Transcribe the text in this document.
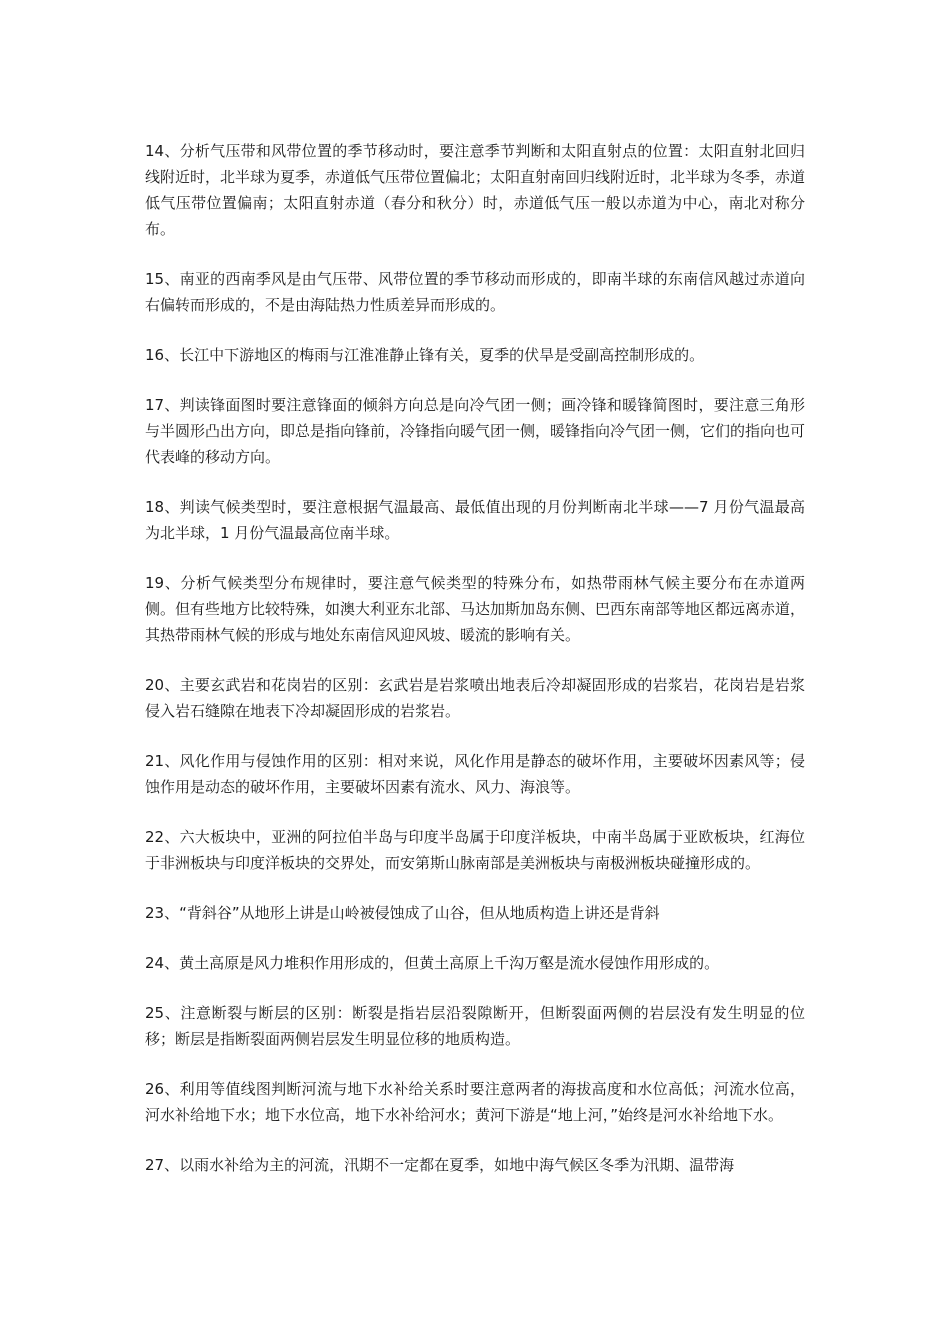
14、分析气压带和风带位置的季节移动时，要注意季节判断和太阳直射点的位置：太阳直射北回归线附近时，北半球为夏季，赤道低气压带位置偏北；太阳直射南回归线附近时，北半球为冬季，赤道低气压带位置偏南；太阳直射赤道（春分和秋分）时，赤道低气压一般以赤道为中心，南北对称分布。

15、南亚的西南季风是由气压带、风带位置的季节移动而形成的，即南半球的东南信风越过赤道向右偏转而形成的，不是由海陆热力性质差异而形成的。

16、长江中下游地区的梅雨与江淮准静止锋有关，夏季的伏旱是受副高控制形成的。

17、判读锋面图时要注意锋面的倾斜方向总是向冷气团一侧；画冷锋和暖锋简图时，要注意三角形与半圆形凸出方向，即总是指向锋前，冷锋指向暖气团一侧，暖锋指向冷气团一侧，它们的指向也可代表峰的移动方向。

18、判读气候类型时，要注意根据气温最高、最低值出现的月份判断南北半球——7 月份气温最高为北半球，1 月份气温最高位南半球。

19、分析气候类型分布规律时，要注意气候类型的特殊分布，如热带雨林气候主要分布在赤道两侧。但有些地方比较特殊，如澳大利亚东北部、马达加斯加岛东侧、巴西东南部等地区都远离赤道，其热带雨林气候的形成与地处东南信风迎风坡、暖流的影响有关。

20、主要玄武岩和花岗岩的区别：玄武岩是岩浆喷出地表后冷却凝固形成的岩浆岩，花岗岩是岩浆侵入岩石缝隙在地表下冷却凝固形成的岩浆岩。

21、风化作用与侵蚀作用的区别：相对来说，风化作用是静态的破坏作用，主要破坏因素风等；侵蚀作用是动态的破坏作用，主要破坏因素有流水、风力、海浪等。

22、六大板块中，亚洲的阿拉伯半岛与印度半岛属于印度洋板块，中南半岛属于亚欧板块，红海位于非洲板块与印度洋板块的交界处，而安第斯山脉南部是美洲板块与南极洲板块碰撞形成的。

23、“背斜谷”从地形上讲是山岭被侵蚀成了山谷，但从地质构造上讲还是背斜

24、黄土高原是风力堆积作用形成的，但黄土高原上千沟万壑是流水侵蚀作用形成的。

25、注意断裂与断层的区别：断裂是指岩层沿裂隙断开，但断裂面两侧的岩层没有发生明显的位移；断层是指断裂面两侧岩层发生明显位移的地质构造。

26、利用等值线图判断河流与地下水补给关系时要注意两者的海拔高度和水位高低；河流水位高，河水补给地下水；地下水位高，地下水补给河水；黄河下游是“地上河，”始终是河水补给地下水。

27、以雨水补给为主的河流，汛期不一定都在夏季，如地中海气候区冬季为汛期、温带海
